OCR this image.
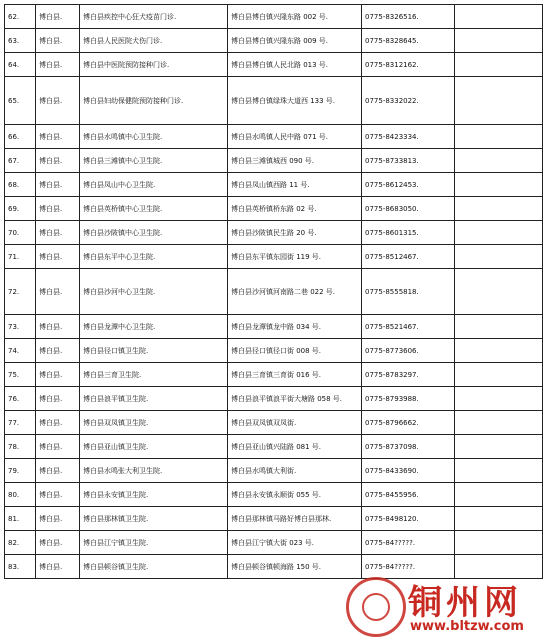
62.	博白县.	博白县疾控中心狂犬疫苗门诊.	博白县博白镇兴隆东路 002 号.	0775-8326516.	
63.	博白县.	博白县人民医院犬伤门诊.	博白县博白镇兴隆东路 009 号.	0775-8328645.	
64.	博白县.	博白县中医院预防接种门诊.	博白县博白镇人民北路 013 号.	0775-8312162.	
65.	博白县.	博白县妇幼保健院预防接种门诊.	博白县博白镇绿珠大道西 133 号.	0775-8332022.	
66.	博白县.	博白县水鸣镇中心卫生院.	博白县水鸣镇人民中路 071 号.	0775-8423334.	
67.	博白县.	博白县三滩镇中心卫生院.	博白县三滩镇城西 090 号.	0775-8733813.	
68.	博白县.	博白县凤山中心卫生院.	博白县凤山镇西路 11 号.	0775-8612453.	
69.	博白县.	博白县英桥镇中心卫生院.	博白县英桥镇桥东路 02 号.	0775-8683050.	
70.	博白县.	博白县沙陂镇中心卫生院.	博白县沙陂镇民生路 20 号.	0775-8601315.	
71.	博白县.	博白县东平中心卫生院.	博白县东平镇东园街 119 号.	0775-8512467.	
72.	博白县.	博白县沙河中心卫生院.	博白县沙河镇河南路二巷 022 号.	0775-8555818.	
73.	博白县.	博白县龙潭中心卫生院.	博白县龙潭镇龙中路 034 号.	0775-8521467.	
74.	博白县.	博白县径口镇卫生院.	博白县径口镇径口街 008 号.	0775-8773606.	
75.	博白县.	博白县三育卫生院.	博白县三育镇三育街 016 号.	0775-8783297.	
76.	博白县.	博白县浪平镇卫生院.	博白县浪平镇浪平街大塘路 058 号.	0775-8793988.	
77.	博白县.	博白县双凤镇卫生院.	博白县双凤镇双凤街.	0775-8796662.	
78.	博白县.	博白县亚山镇卫生院.	博白县亚山镇兴陆路 081 号.	0775-8737098.	
79.	博白县.	博白县水鸣张大利卫生院.	博白县水鸣镇大利街.	0775-8433690.	
80.	博白县.	博白县永安镇卫生院.	博白县永安镇永顺街 055 号.	0775-8455956.	
81.	博白县.	博白县那林镇卫生院.	博白县那林镇马路好博白县那林.	0775-8498120.	
82.	博白县.	博白县江宁镇卫生院.	博白县江宁镇大街 023 号.	0775-84?????.	
83.	博白县.	博白县顿谷镇卫生院.	博白县顿谷镇顿海路 150 号.	0775-84?????.	
铜州网
www.bltzw.com
